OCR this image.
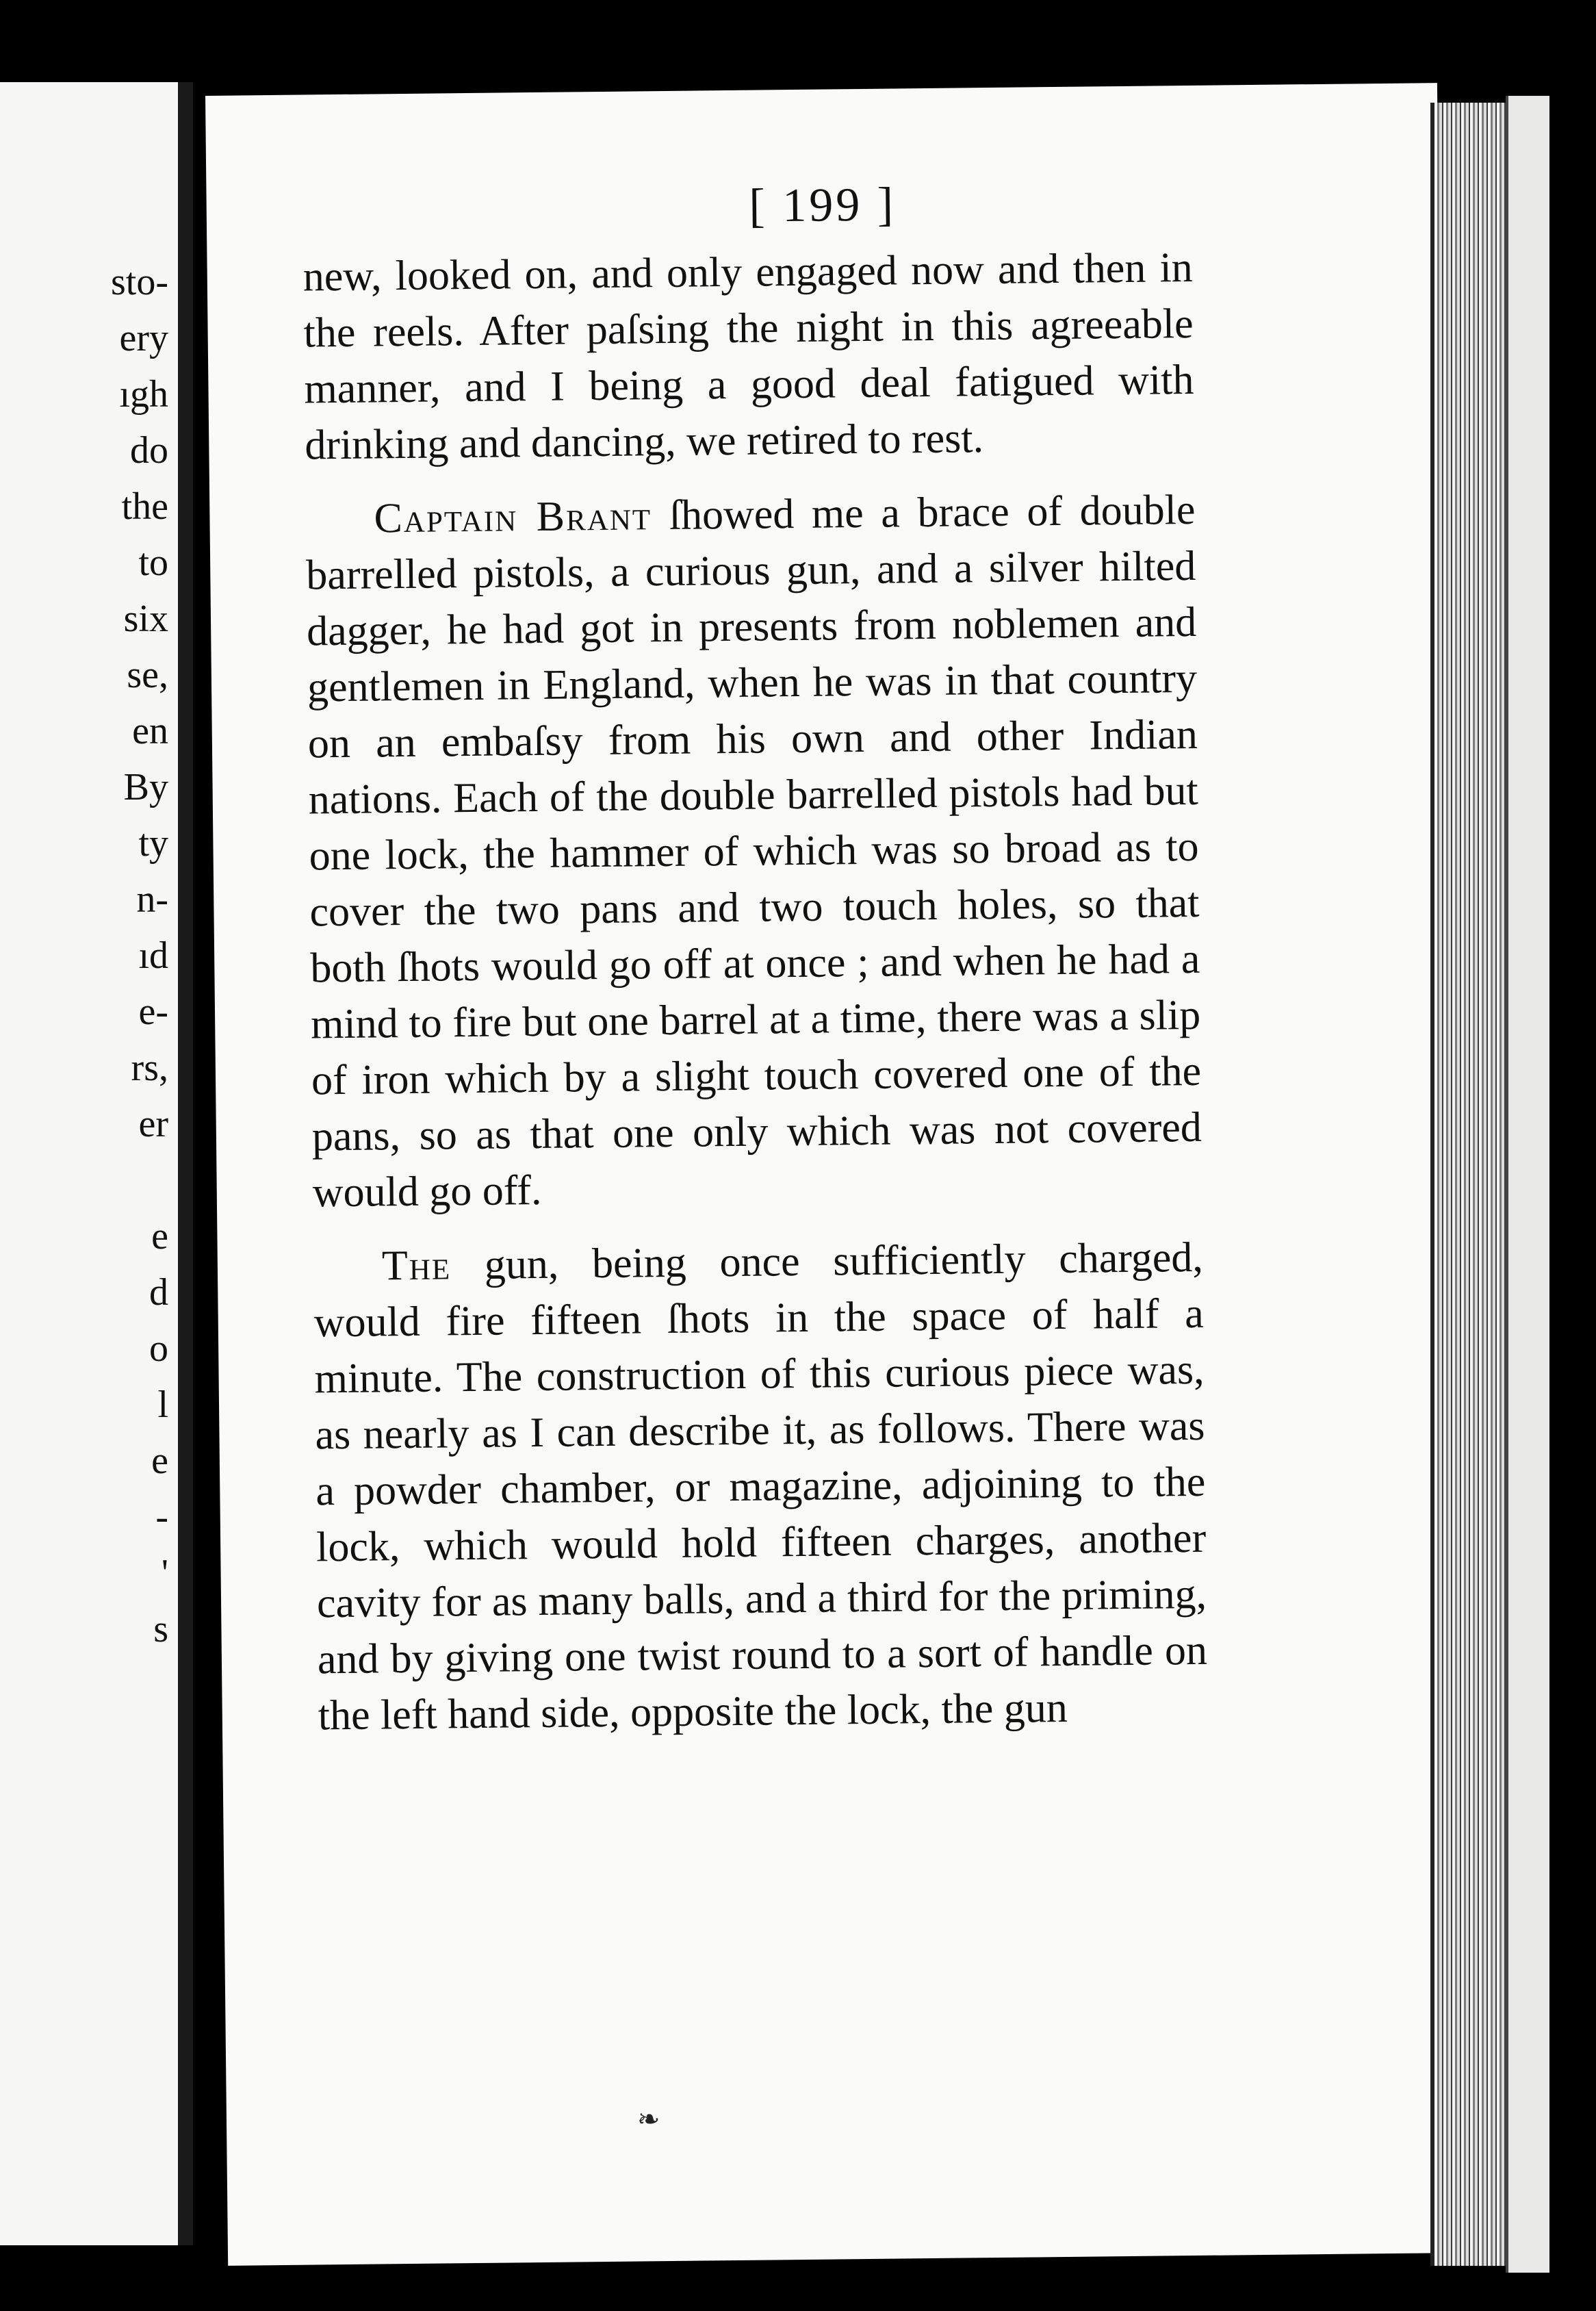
sto-
ery
ıgh
do
the
to
six
se,
en
By
ty
n-
ıd
e-
rs,
er
e
d
o
l
e
-
'
s
[ 199 ]

new, looked on, and only engaged now and then in the reels. After paſsing the night in this agreeable manner, and I being a good deal fatigued with drinking and dancing, we retired to rest.

Captain Brant ſhowed me a brace of double barrelled pistols, a curious gun, and a silver hilted dagger, he had got in presents from noblemen and gentlemen in England, when he was in that country on an embaſsy from his own and other Indian nations. Each of the double barrelled pistols had but one lock, the hammer of which was so broad as to cover the two pans and two touch holes, so that both ſhots would go off at once ; and when he had a mind to fire but one barrel at a time, there was a slip of iron which by a slight touch covered one of the pans, so as that one only which was not covered would go off.

The gun, being once sufficiently charged, would fire fifteen ſhots in the space of half a minute. The construction of this curious piece was, as nearly as I can describe it, as follows. There was a powder chamber, or magazine, adjoining to the lock, which would hold fifteen charges, another cavity for as many balls, and a third for the priming, and by giving one twist round to a sort of handle on the left hand side, opposite the lock, the gun

❧
